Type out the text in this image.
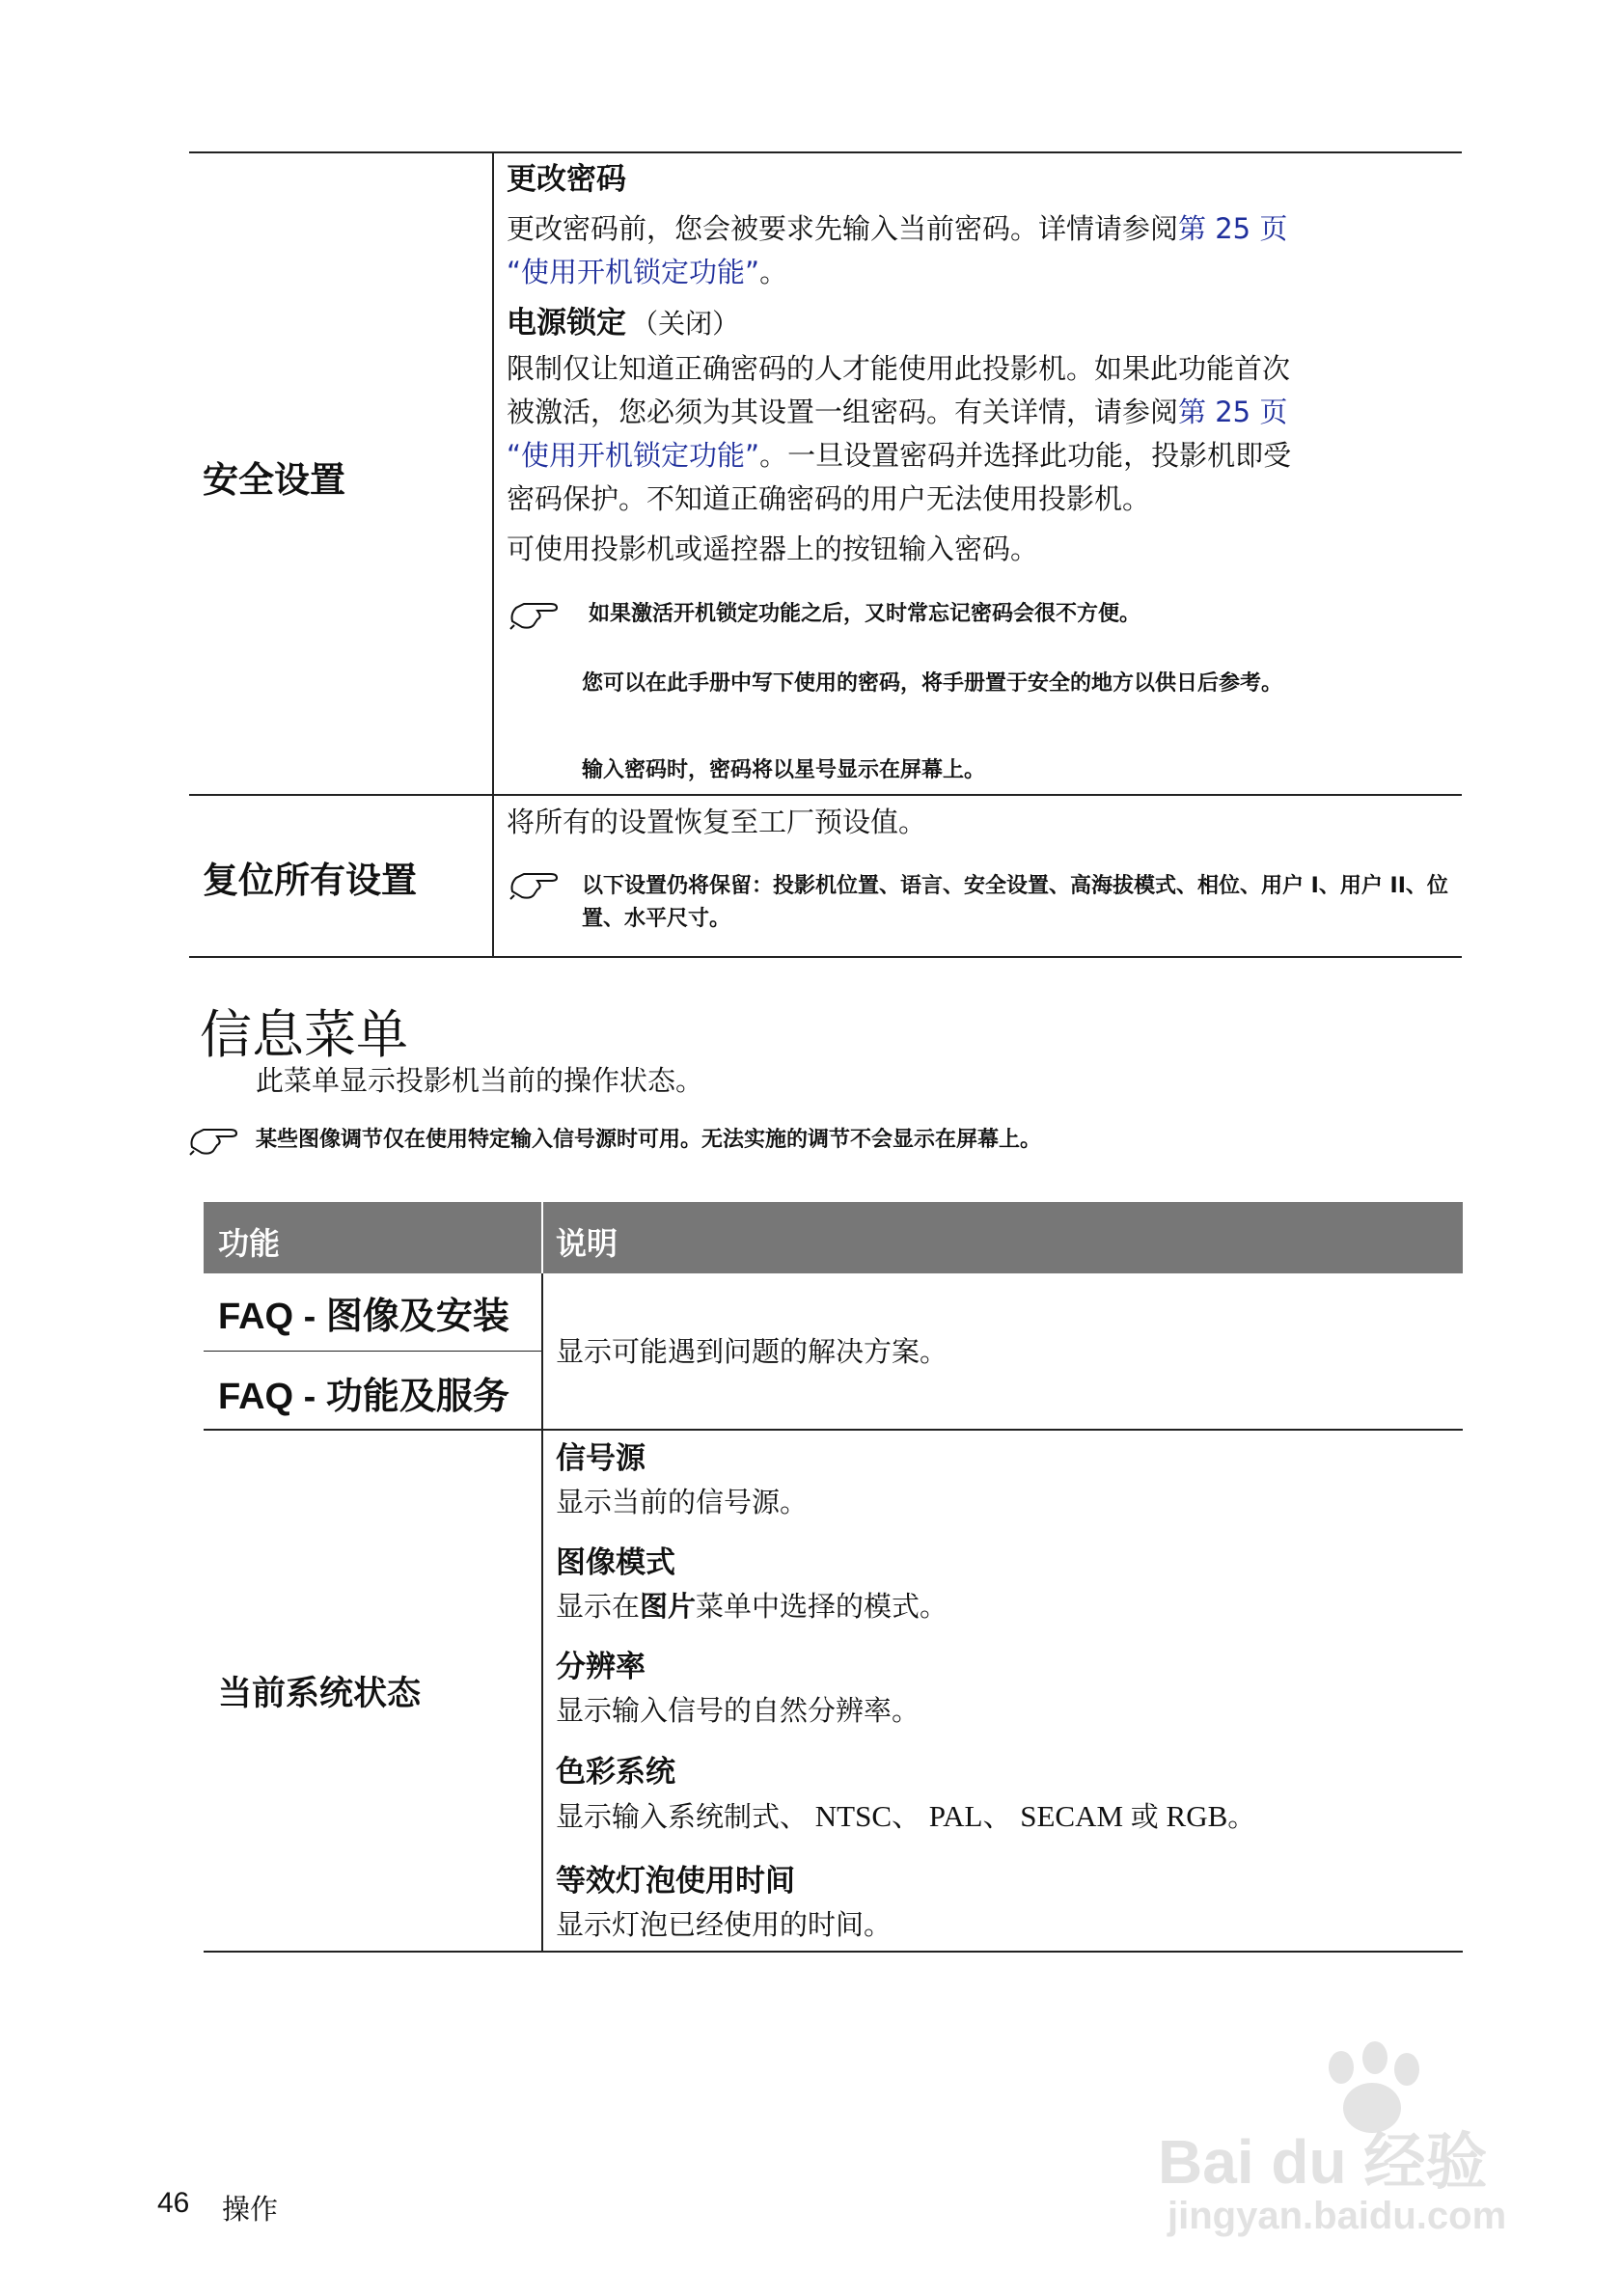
安全设置
更改密码
更改密码前，您会被要求先输入当前密码。详情请参阅第 25 页
“使用开机锁定功能”。
电源锁定 （关闭）
限制仅让知道正确密码的人才能使用此投影机。如果此功能首次
被激活，您必须为其设置一组密码。有关详情，请参阅第 25 页
“使用开机锁定功能”。一旦设置密码并选择此功能，投影机即受
密码保护。不知道正确密码的用户无法使用投影机。
可使用投影机或遥控器上的按钮输入密码。
如果激活开机锁定功能之后，又时常忘记密码会很不方便。
您可以在此手册中写下使用的密码，将手册置于安全的地方以供日后参考。
输入密码时，密码将以星号显示在屏幕上。
复位所有设置
将所有的设置恢复至工厂预设值。
以下设置仍将保留：投影机位置、语言、安全设置、高海拔模式、相位、用户 I、用户 II、位置、水平尺寸。
信息菜单
此菜单显示投影机当前的操作状态。
某些图像调节仅在使用特定输入信号源时可用。无法实施的调节不会显示在屏幕上。
功能	说明
FAQ - 图像及安装
FAQ - 功能及服务
显示可能遇到问题的解决方案。
当前系统状态
信号源
显示当前的信号源。
图像模式
显示在图片菜单中选择的模式。
分辨率
显示输入信号的自然分辨率。
色彩系统
显示输入系统制式、 NTSC、 PAL、 SECAM 或 RGB。
等效灯泡使用时间
显示灯泡已经使用的时间。
46 操作
Bai du 经验
jingyan.baidu.com
